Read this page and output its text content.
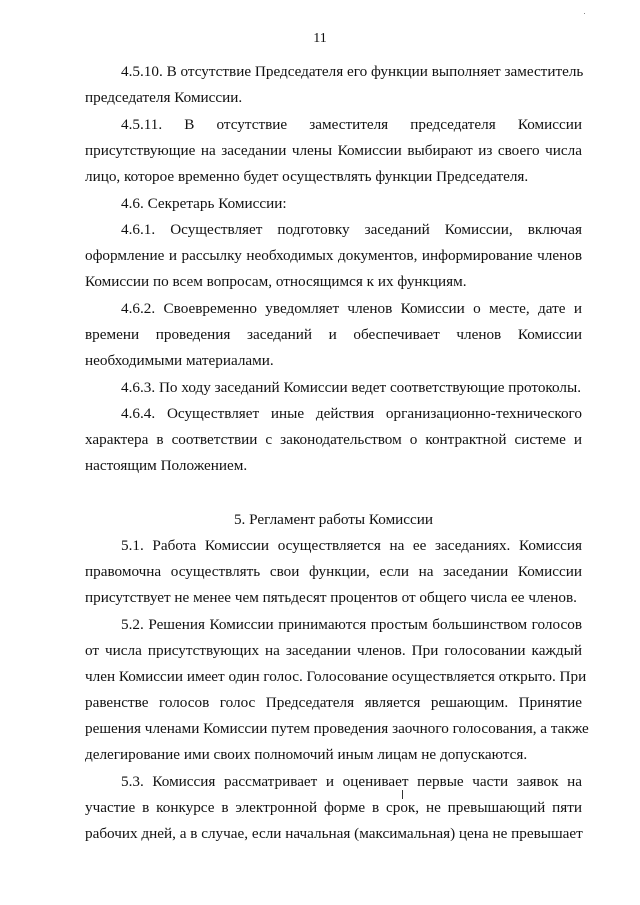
11
4.5.10. В отсутствие Председателя его функции выполняет заместитель
председателя Комиссии.
4.5.11. В отсутствие заместителя председателя Комиссии
присутствующие на заседании члены Комиссии выбирают из своего числа
лицо, которое временно будет осуществлять функции Председателя.
4.6. Секретарь Комиссии:
4.6.1. Осуществляет подготовку заседаний Комиссии, включая
оформление и рассылку необходимых документов, информирование членов
Комиссии по всем вопросам, относящимся к их функциям.
4.6.2. Своевременно уведомляет членов Комиссии о месте, дате и
времени проведения заседаний и обеспечивает членов Комиссии
необходимыми материалами.
4.6.3. По ходу заседаний Комиссии ведет соответствующие протоколы.
4.6.4. Осуществляет иные действия организационно-технического
характера в соответствии с законодательством о контрактной системе и
настоящим Положением.
5. Регламент работы Комиссии
5.1. Работа Комиссии осуществляется на ее заседаниях. Комиссия
правомочна осуществлять свои функции, если на заседании Комиссии
присутствует не менее чем пятьдесят процентов от общего числа ее членов.
5.2. Решения Комиссии принимаются простым большинством голосов
от числа присутствующих на заседании членов. При голосовании каждый
член Комиссии имеет один голос. Голосование осуществляется открыто. При
равенстве голосов голос Председателя является решающим. Принятие
решения членами Комиссии путем проведения заочного голосования, а также
делегирование ими своих полномочий иным лицам не допускаются.
5.3. Комиссия рассматривает и оценивает первые части заявок на
участие в конкурсе в электронной форме в срок, не превышающий пяти
рабочих дней, а в случае, если начальная (максимальная) цена не превышает
